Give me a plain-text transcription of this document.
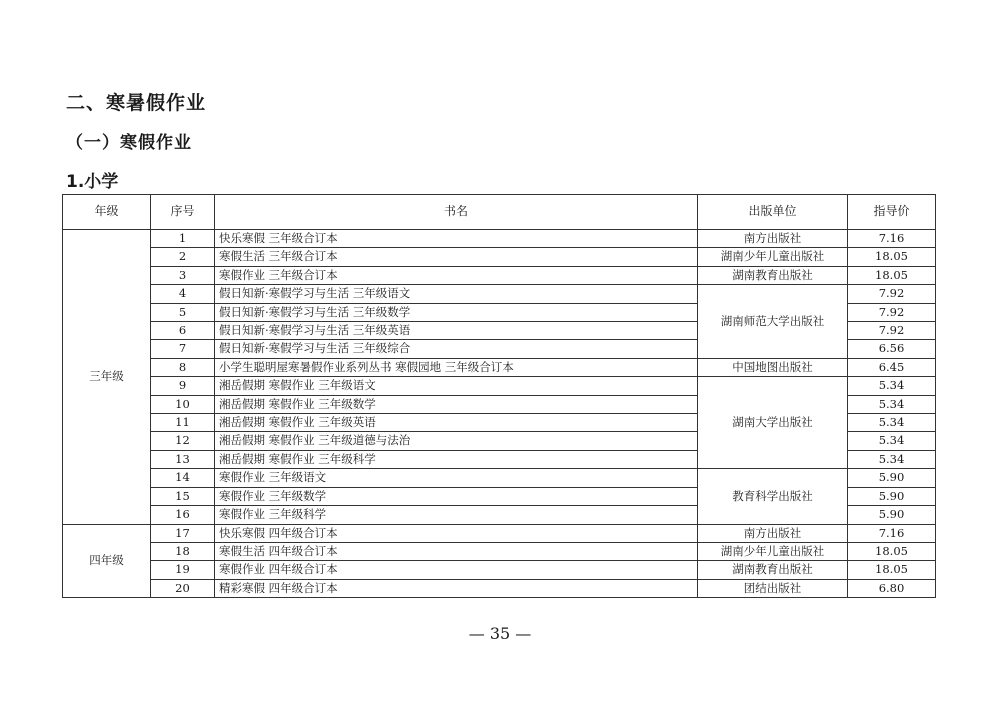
二、寒暑假作业
（一）寒假作业
1.小学
年级	序号	书名	出版单位	指导价
三年级	1	快乐寒假 三年级合订本	南方出版社	7.16
	2	寒假生活 三年级合订本	湖南少年儿童出版社	18.05
	3	寒假作业 三年级合订本	湖南教育出版社	18.05
	4	假日知新·寒假学习与生活 三年级语文	湖南师范大学出版社	7.92
	5	假日知新·寒假学习与生活 三年级数学		7.92
	6	假日知新·寒假学习与生活 三年级英语		7.92
	7	假日知新·寒假学习与生活 三年级综合		6.56
	8	小学生聪明屋寒暑假作业系列丛书 寒假园地 三年级合订本	中国地图出版社	6.45
	9	湘岳假期 寒假作业 三年级语文	湖南大学出版社	5.34
	10	湘岳假期 寒假作业 三年级数学		5.34
	11	湘岳假期 寒假作业 三年级英语		5.34
	12	湘岳假期 寒假作业 三年级道德与法治		5.34
	13	湘岳假期 寒假作业 三年级科学		5.34
	14	寒假作业 三年级语文	教育科学出版社	5.90
	15	寒假作业 三年级数学		5.90
	16	寒假作业 三年级科学		5.90
四年级	17	快乐寒假 四年级合订本	南方出版社	7.16
	18	寒假生活 四年级合订本	湖南少年儿童出版社	18.05
	19	寒假作业 四年级合订本	湖南教育出版社	18.05
	20	精彩寒假 四年级合订本	团结出版社	6.80
— 35 —
